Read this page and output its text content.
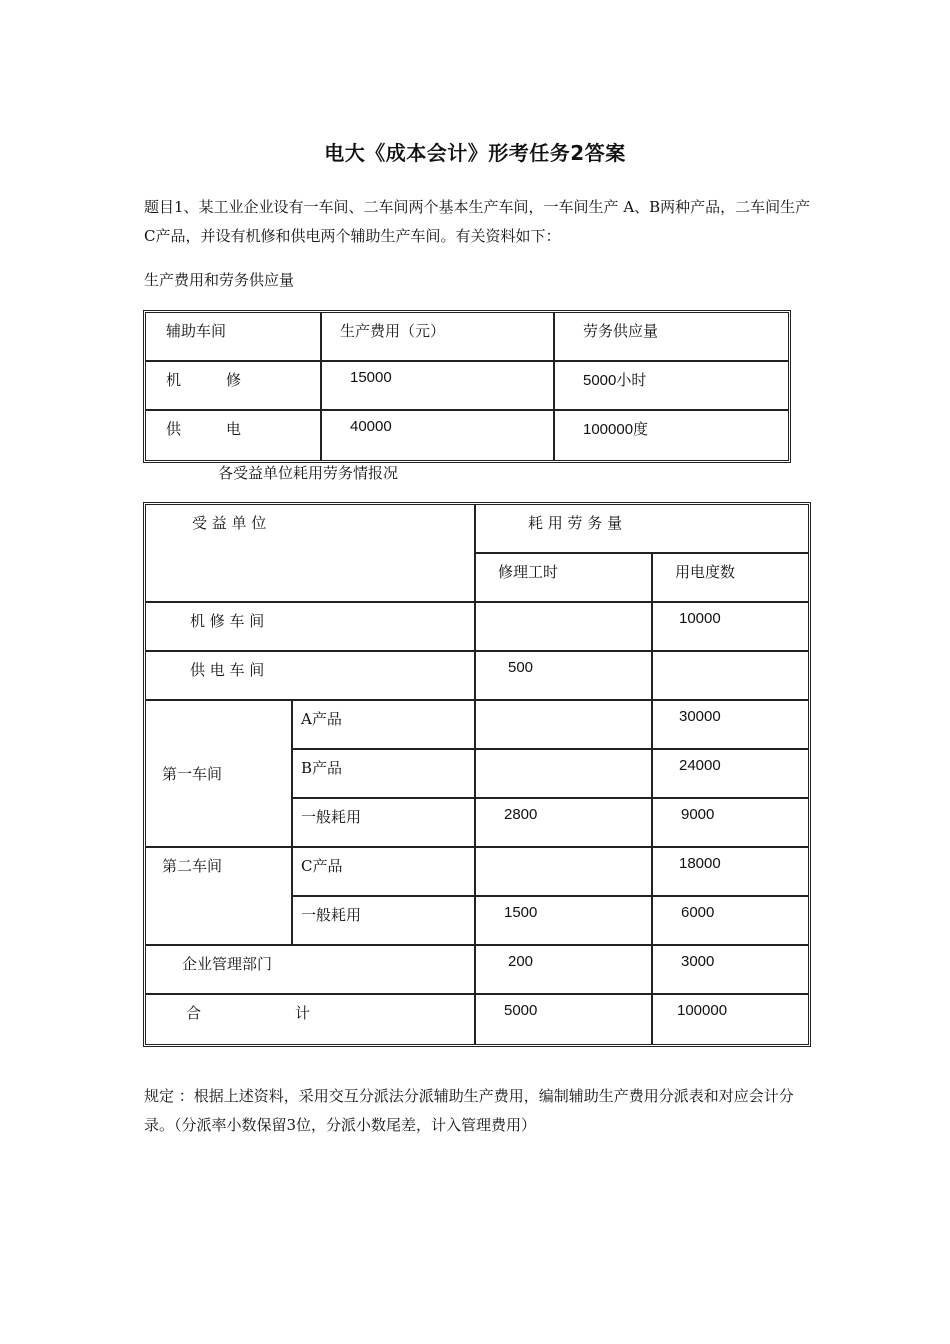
电大《成本会计》形考任务2答案
题目1、某工业企业设有一车间、二车间两个基本生产车间，一车间生产 A、B两种产品，二车间生产C产品，并设有机修和供电两个辅助生产车间。有关资料如下：
生产费用和劳务供应量
辅助车间	生产费用（元）	劳务供应量
机　　　修	15000	5000小时
供　　　电	40000	100000度
各受益单位耗用劳务情报况
受 益 单 位		耗 用 劳 务 量	
		修理工时	用电度数
机 修 车 间			10000
供 电 车 间		500	
第一车间	A产品		30000
	B产品		24000
	一般耗用	2800	9000
第二车间	C产品		18000
	一般耗用	1500	6000
企业管理部门		200	3000
合 计		5000	100000
规定 ：根据上述资料，采用交互分派法分派辅助生产费用，编制辅助生产费用分派表和对应会计分录。（分派率小数保留3位，分派小数尾差，计入管理费用）
